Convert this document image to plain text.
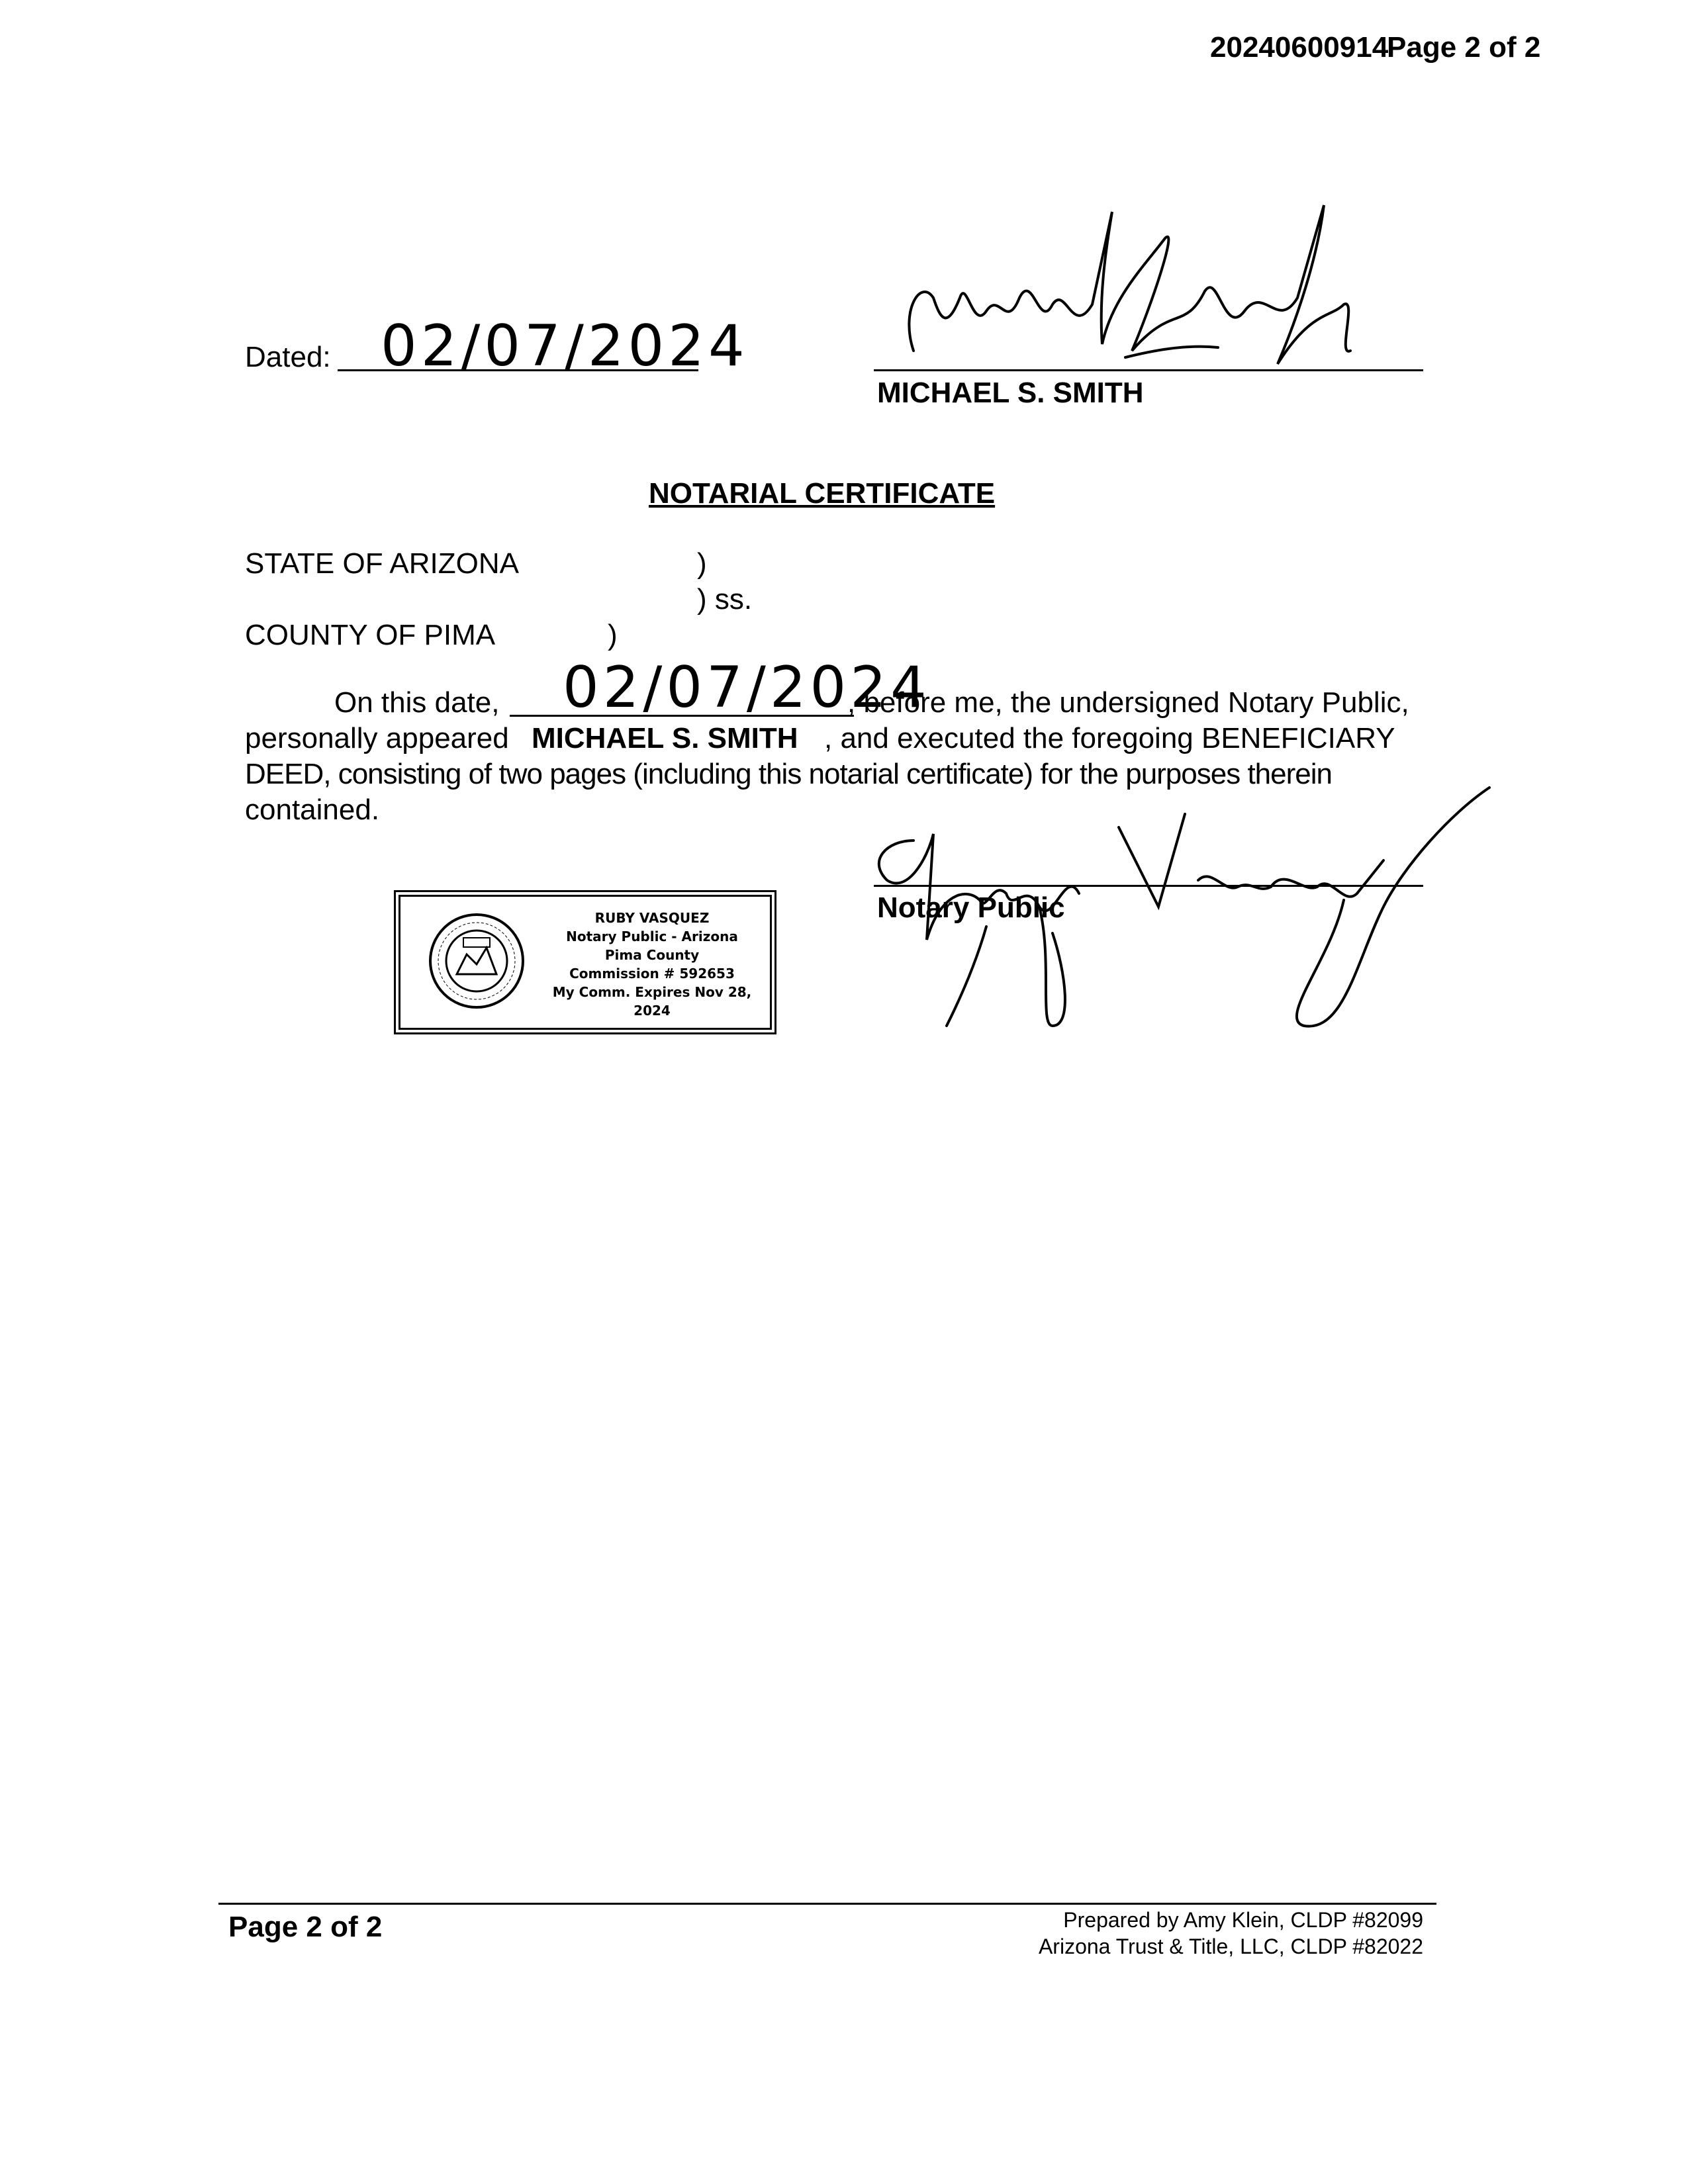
20240600914
Page 2 of 2
Dated: 02/07/2024
MICHAEL S. SMITH
NOTARIAL CERTIFICATE
STATE OF ARIZONA	)
) ss.
COUNTY OF PIMA	)
On this date, 02/07/2024
, before me, the undersigned Notary Public,
personally appeared MICHAEL S. SMITH , and executed the foregoing BENEFICIARY
DEED, consisting of two pages (including this notarial certificate) for the purposes therein
contained.
RUBY VASQUEZ
Notary Public - Arizona
Pima County
Commission # 592653
My Comm. Expires Nov 28, 2024
Notary Public
Page 2 of 2	Prepared by Amy Klein, CLDP #82099
Arizona Trust & Title, LLC, CLDP #82022
